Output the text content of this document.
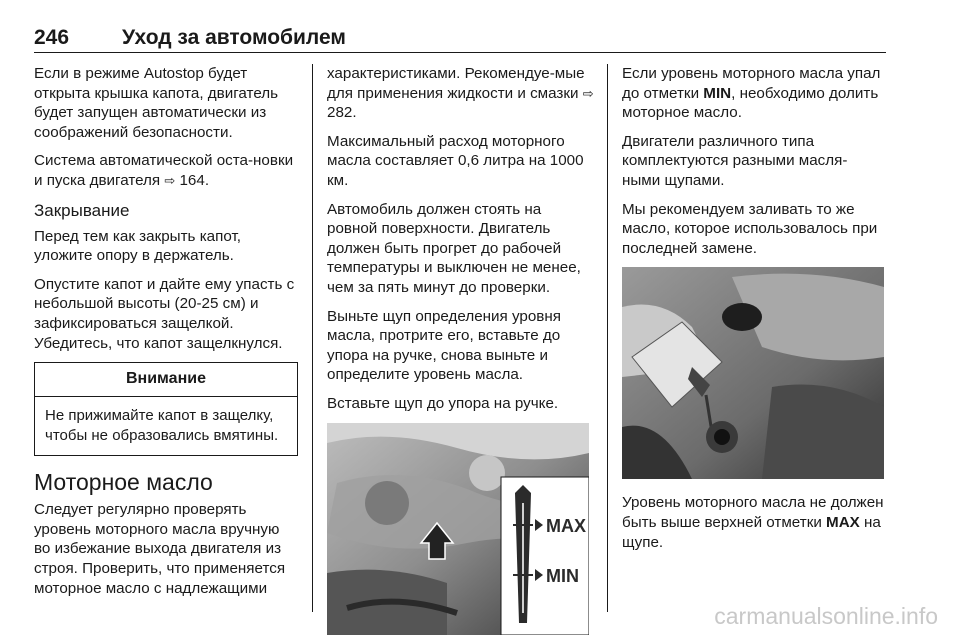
246	Уход за автомобилем

Если в режиме Autostop будет открыта крышка капота, двигатель будет запущен автоматически из соображений безопасности.

Система автоматической оста-новки и пуска двигателя ⇨ 164.

Закрывание

Перед тем как закрыть капот, уложите опору в держатель.

Опустите капот и дайте ему упасть с небольшой высоты (20-25 см) и зафиксироваться защелкой. Убедитесь, что капот защелкнулся.

Внимание
Не прижимайте капот в защелку, чтобы не образовались вмятины.
Моторное масло

Следует регулярно проверять уровень моторного масла вручную во избежание выхода двигателя из строя. Проверить, что применяется моторное масло с надлежащими

характеристиками. Рекомендуе-мые для применения жидкости и смазки ⇨ 282.

Максимальный расход моторного масла составляет 0,6 литра на 1000 км.

Автомобиль должен стоять на ровной поверхности. Двигатель должен быть прогрет до рабочей температуры и выключен не менее, чем за пять минут до проверки.

Выньте щуп определения уровня масла, протрите его, вставьте до упора на ручке, снова выньте и определите уровень масла.

Вставьте щуп до упора на ручке.

MAX
MIN

Если уровень моторного масла упал до отметки MIN, необходимо долить моторное масло.

Двигатели различного типа комплектуются разными масля-ными щупами.

Мы рекомендуем заливать то же масло, которое использовалось при последней замене.

Уровень моторного масла не должен быть выше верхней отметки MAX на щупе.

carmanualsonline.info
